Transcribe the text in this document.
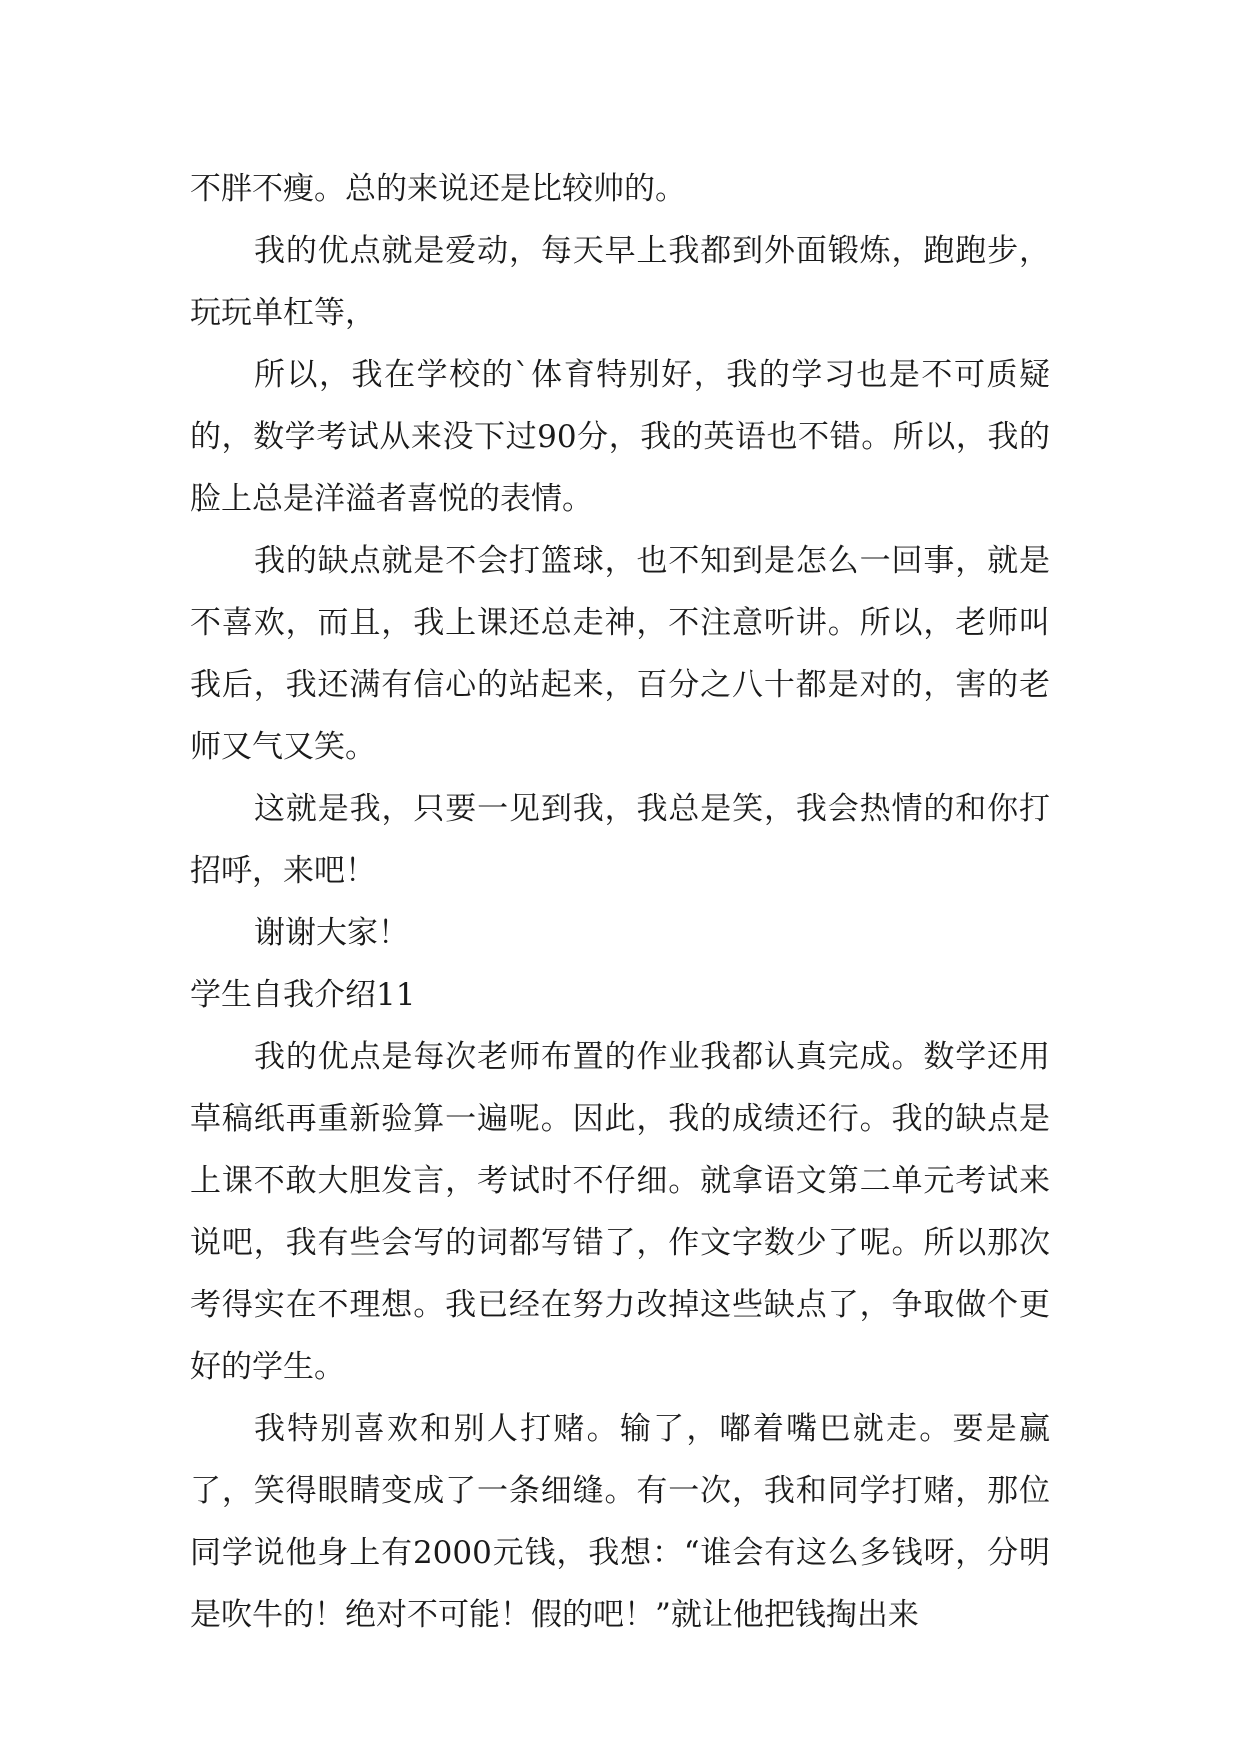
不胖不瘦。总的来说还是比较帅的。

我的优点就是爱动，每天早上我都到外面锻炼，跑跑步，玩玩单杠等，

所以，我在学校的`体育特别好，我的学习也是不可质疑的，数学考试从来没下过90分，我的英语也不错。所以，我的脸上总是洋溢者喜悦的表情。

我的缺点就是不会打篮球，也不知到是怎么一回事，就是不喜欢，而且，我上课还总走神，不注意听讲。所以，老师叫我后，我还满有信心的站起来，百分之八十都是对的，害的老师又气又笑。

这就是我，只要一见到我，我总是笑，我会热情的和你打招呼，来吧！

谢谢大家！

学生自我介绍11

我的优点是每次老师布置的作业我都认真完成。数学还用草稿纸再重新验算一遍呢。因此，我的成绩还行。我的缺点是上课不敢大胆发言，考试时不仔细。就拿语文第二单元考试来说吧，我有些会写的词都写错了，作文字数少了呢。所以那次考得实在不理想。我已经在努力改掉这些缺点了，争取做个更好的学生。

我特别喜欢和别人打赌。输了，嘟着嘴巴就走。要是赢了，笑得眼睛变成了一条细缝。有一次，我和同学打赌，那位同学说他身上有2000元钱，我想：“谁会有这么多钱呀，分明是吹牛的！绝对不可能！假的吧！”就让他把钱掏出来
